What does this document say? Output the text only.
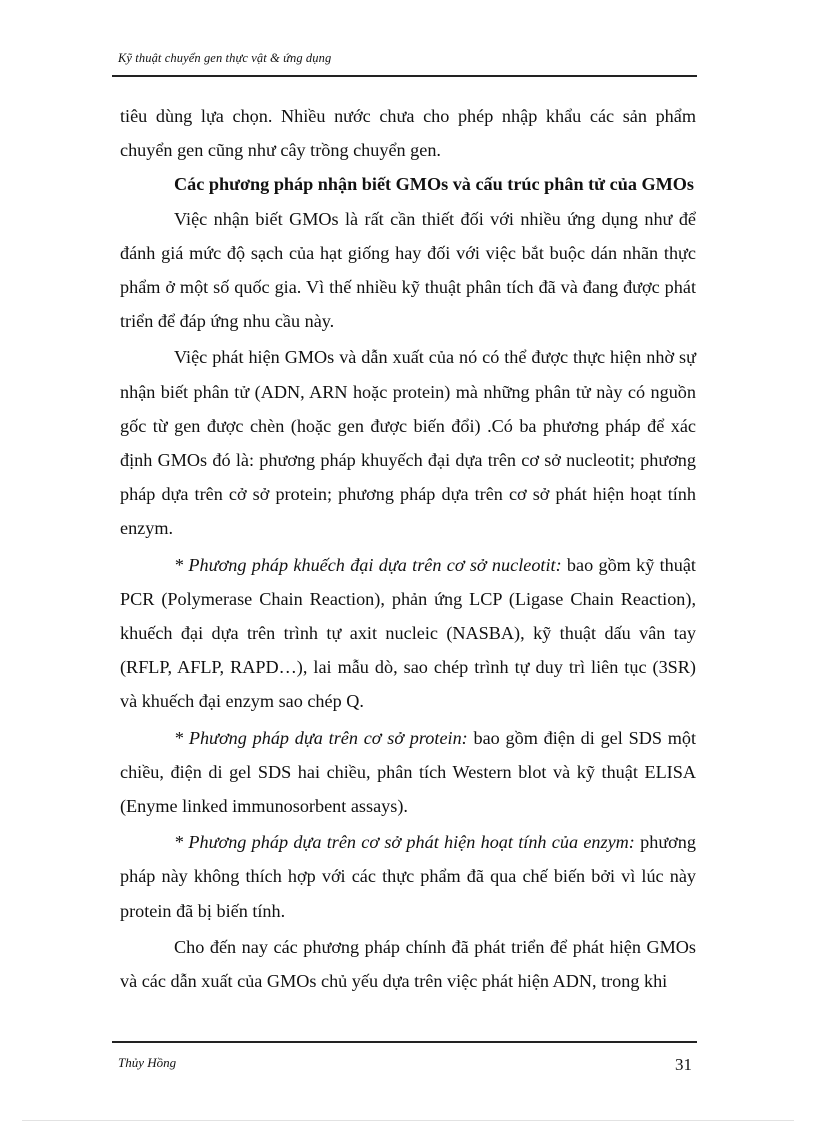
Kỹ thuật chuyển gen thực vật & ứng dụng

tiêu dùng lựa chọn. Nhiều nước chưa cho phép nhập khẩu các sản phẩm chuyển gen cũng như cây trồng chuyển gen.

Các phương pháp nhận biết GMOs và cấu trúc phân tử của GMOs

Việc nhận biết GMOs là rất cần thiết đối với nhiều ứng dụng như để đánh giá mức độ sạch của hạt giống hay đối với việc bắt buộc dán nhãn thực phẩm ở một số quốc gia. Vì thế nhiều kỹ thuật phân tích đã và đang được phát triển để đáp ứng nhu cầu này.

Việc phát hiện GMOs và dẫn xuất của nó có thể được thực hiện nhờ sự nhận biết phân tử (ADN, ARN hoặc protein) mà những phân tử này có nguồn gốc từ gen được chèn (hoặc gen được biến đổi) .Có ba phương pháp để xác định GMOs đó là: phương pháp khuyếch đại dựa trên cơ sở nucleotit; phương pháp dựa trên cở sở protein; phương pháp dựa trên cơ sở phát hiện hoạt tính enzym.

* Phương pháp khuếch đại dựa trên cơ sở nucleotit: bao gồm kỹ thuật PCR (Polymerase Chain Reaction), phản ứng LCP (Ligase Chain Reaction), khuếch đại dựa trên trình tự axit nucleic (NASBA), kỹ thuật dấu vân tay (RFLP, AFLP, RAPD…), lai mẫu dò, sao chép trình tự duy trì liên tục (3SR) và khuếch đại enzym sao chép Q.

* Phương pháp dựa trên cơ sở protein: bao gồm điện di gel SDS một chiều, điện di gel SDS hai chiều, phân tích Western blot và kỹ thuật ELISA (Enyme linked immunosorbent assays).

* Phương pháp dựa trên cơ sở phát hiện hoạt tính của enzym: phương pháp này không thích hợp với các thực phẩm đã qua chế biến bởi vì lúc này protein đã bị biến tính.

Cho đến nay các phương pháp chính đã phát triển để phát hiện GMOs và các dẫn xuất của GMOs chủ yếu dựa trên việc phát hiện ADN, trong khi

Thủy Hồng	31
